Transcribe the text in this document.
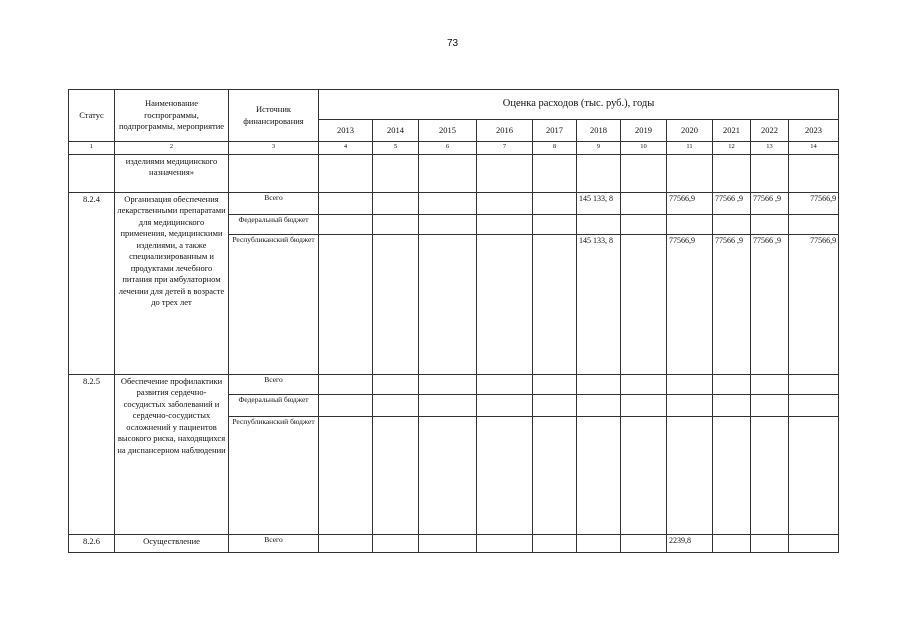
73
Статус	Наименование госпрограммы, подпрограммы, мероприятие	Источник финансирования	Оценка расходов (тыс. руб.), годы										
			2013	2014	2015	2016	2017	2018	2019	2020	2021	2022	2023
1	2	3	4	5	6	7	8	9	10	11	12	13	14
	изделиями медицинского назначения»												
8.2.4	Организация обеспечения лекарственными препаратами для медицинского применения, медицинскими изделиями, а также специализированным и продуктами лечебного питания при амбулаторном лечении для детей в возрасте до трех лет	Всего						145 133, 8		77566,9	77566 ,9	77566 ,9	77566,9
		Федеральный бюджет											
		Республиканский бюджет						145 133, 8		77566,9	77566 ,9	77566 ,9	77566,9
8.2.5	Обеспечение профилактики развития сердечно-сосудистых заболеваний и сердечно-сосудистых осложнений у пациентов высокого риска, находящихся на диспансерном наблюдении	Всего											
		Федеральный бюджет											
		Республиканский бюджет											
8.2.6	Осуществление	Всего								2239,8			
